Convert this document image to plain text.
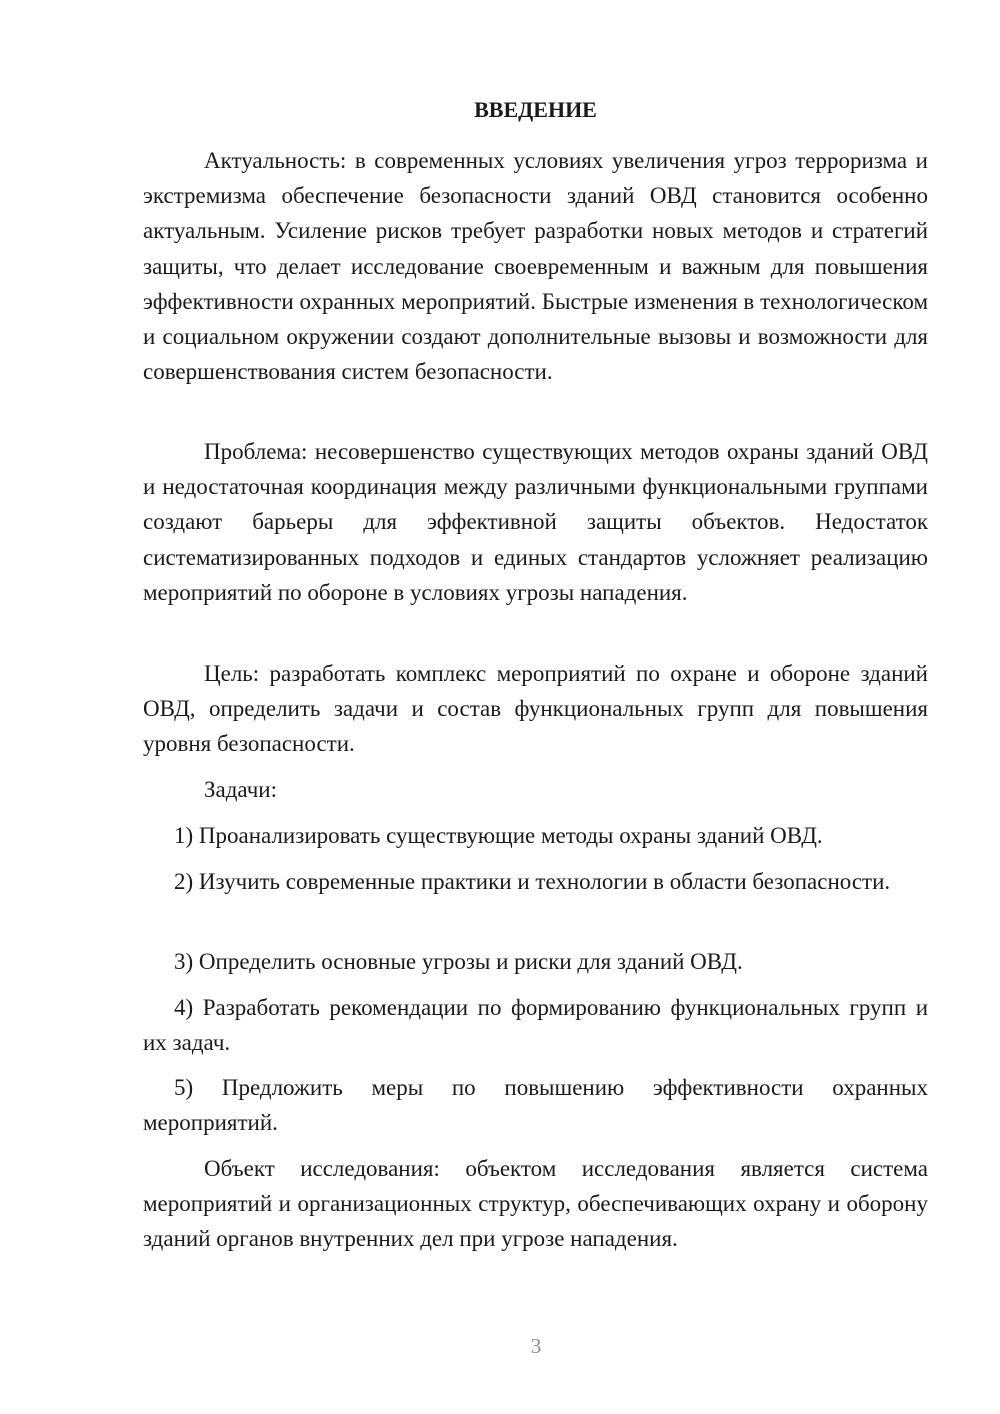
ВВЕДЕНИЕ

Актуальность: в современных условиях увеличения угроз терроризма и экстремизма обеспечение безопасности зданий ОВД становится особенно актуальным. Усиление рисков требует разработки новых методов и стратегий защиты, что делает исследование своевременным и важным для повышения эффективности охранных мероприятий. Быстрые изменения в технологическом и социальном окружении создают дополнительные вызовы и возможности для совершенствования систем безопасности.

Проблема: несовершенство существующих методов охраны зданий ОВД и недостаточная координация между различными функциональными группами создают барьеры для эффективной защиты объектов. Недостаток систематизированных подходов и единых стандартов усложняет реализацию мероприятий по обороне в условиях угрозы нападения.

Цель: разработать комплекс мероприятий по охране и обороне зданий ОВД, определить задачи и состав функциональных групп для повышения уровня безопасности.

Задачи:

1) Проанализировать существующие методы охраны зданий ОВД.

2) Изучить современные практики и технологии в области безопасности.

3) Определить основные угрозы и риски для зданий ОВД.

4) Разработать рекомендации по формированию функциональных групп и их задач.

5) Предложить меры по повышению эффективности охранных мероприятий.

Объект исследования: объектом исследования является система мероприятий и организационных структур, обеспечивающих охрану и оборону зданий органов внутренних дел при угрозе нападения.

3
